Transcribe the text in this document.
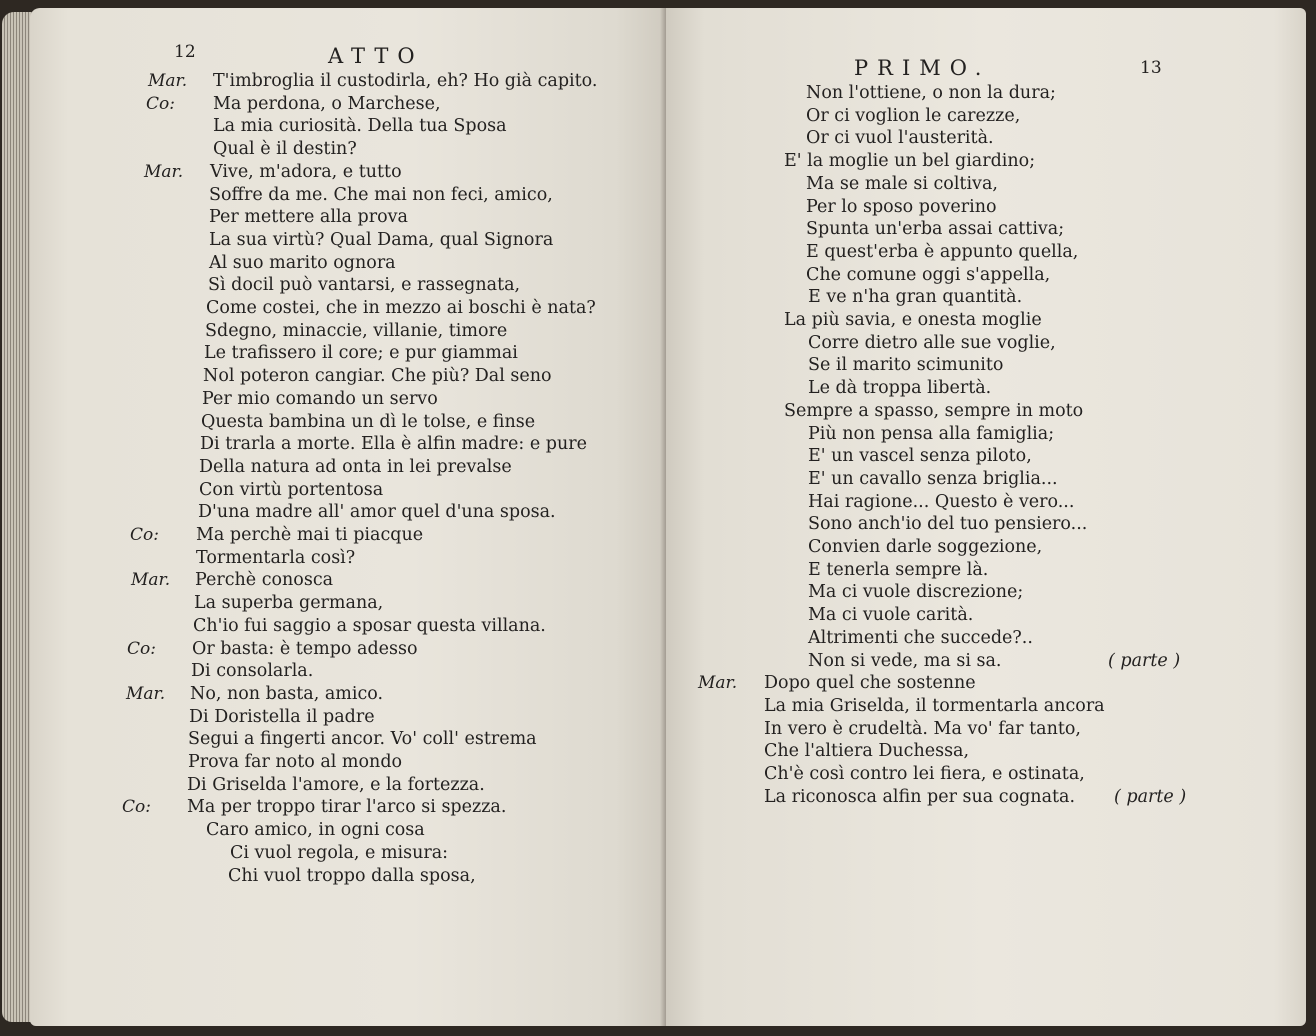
12	ATTO
Mar. T'imbroglia il custodirla, eh? Ho già capito.
Co: Ma perdona, o Marchese,
La mia curiosità. Della tua Sposa
Qual è il destin?
Mar. Vive, m'adora, e tutto
Soffre da me. Che mai non feci, amico,
Per mettere alla prova
La sua virtù? Qual Dama, qual Signora
Al suo marito ognora
Sì docil può vantarsi, e rassegnata,
Come costei, che in mezzo ai boschi è nata?
Sdegno, minaccie, villanie, timore
Le trafissero il core; e pur giammai
Nol poteron cangiar. Che più? Dal seno
Per mio comando un servo
Questa bambina un dì le tolse, e finse
Di trarla a morte. Ella è alfin madre: e pure
Della natura ad onta in lei prevalse
Con virtù portentosa
D'una madre all' amor quel d'una sposa.
Co: Ma perchè mai ti piacque
Tormentarla così?
Mar. Perchè conosca
La superba germana,
Ch'io fui saggio a sposar questa villana.
Co: Or basta: è tempo adesso
Di consolarla.
Mar. No, non basta, amico.
Di Doristella il padre
Segui a fingerti ancor. Vo' coll' estrema
Prova far noto al mondo
Di Griselda l'amore, e la fortezza.
Co: Ma per troppo tirar l'arco si spezza.
Caro amico, in ogni cosa
Ci vuol regola, e misura:
Chi vuol troppo dalla sposa,
PRIMO.	13
Non l'ottiene, o non la dura;
Or ci voglion le carezze,
Or ci vuol l'austerità.
E' la moglie un bel giardino;
Ma se male si coltiva,
Per lo sposo poverino
Spunta un'erba assai cattiva;
E quest'erba è appunto quella,
Che comune oggi s'appella,
E ve n'ha gran quantità.
La più savia, e onesta moglie
Corre dietro alle sue voglie,
Se il marito scimunito
Le dà troppa libertà.
Sempre a spasso, sempre in moto
Più non pensa alla famiglia;
E' un vascel senza piloto,
E' un cavallo senza briglia...
Hai ragione... Questo è vero...
Sono anch'io del tuo pensiero...
Convien darle soggezione,
E tenerla sempre là.
Ma ci vuole discrezione;
Ma ci vuole carità.
Altrimenti che succede?..
Non si vede, ma si sa.	( parte )
Mar. Dopo quel che sostenne
La mia Griselda, il tormentarla ancora
In vero è crudeltà. Ma vo' far tanto,
Che l'altiera Duchessa,
Ch'è così contro lei fiera, e ostinata,
La riconosca alfin per sua cognata. ( parte )
